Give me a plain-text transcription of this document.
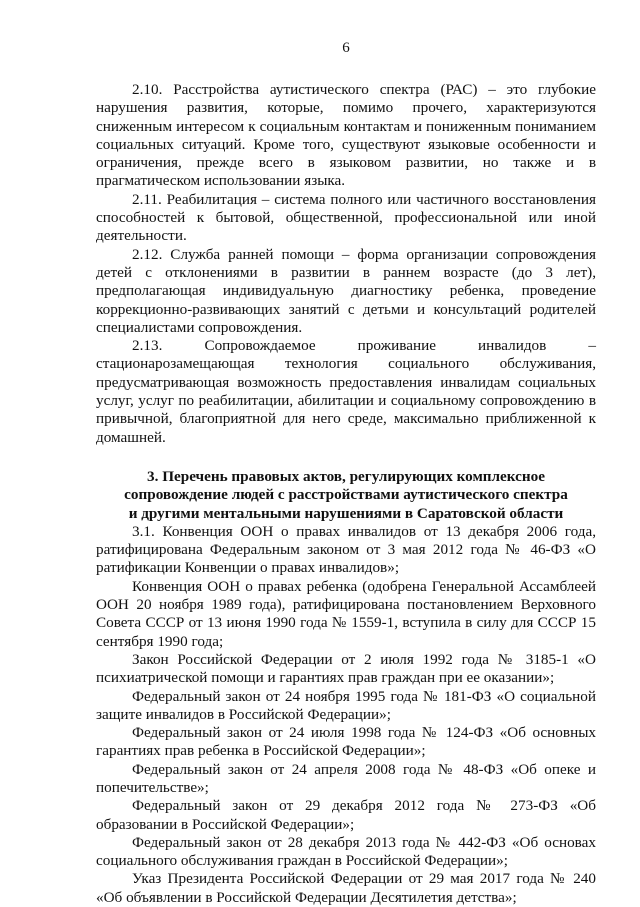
6

2.10. Расстройства аутистического спектра (РАС) – это глубокие нарушения развития, которые, помимо прочего, характеризуются сниженным интересом к социальным контактам и пониженным пониманием социальных ситуаций. Кроме того, существуют языковые особенности и ограничения, прежде всего в языковом развитии, но также и в прагматическом использовании языка.

2.11. Реабилитация – система полного или частичного восстановления способностей к бытовой, общественной, профессиональной или иной деятельности.

2.12. Служба ранней помощи – форма организации сопровождения детей с отклонениями в развитии в раннем возрасте (до 3 лет), предполагающая индивидуальную диагностику ребенка, проведение коррекционно-развивающих занятий с детьми и консультаций родителей специалистами сопровождения.

2.13. Сопровождаемое проживание инвалидов – стационарозамещающая технология социального обслуживания, предусматривающая возможность предоставления инвалидам социальных услуг, услуг по реабилитации, абилитации и социальному сопровождению в привычной, благоприятной для него среде, максимально приближенной к домашней.

3. Перечень правовых актов, регулирующих комплексное
сопровождение людей с расстройствами аутистического спектра
и другими ментальными нарушениями в Саратовской области

3.1. Конвенция ООН о правах инвалидов от 13 декабря 2006 года, ратифицирована Федеральным законом от 3 мая 2012 года № 46-ФЗ «О ратификации Конвенции о правах инвалидов»;

Конвенция ООН о правах ребенка (одобрена Генеральной Ассамблеей ООН 20 ноября 1989 года), ратифицирована постановлением Верховного Совета СССР от 13 июня 1990 года № 1559-1, вступила в силу для СССР 15 сентября 1990 года;

Закон Российской Федерации от 2 июля 1992 года № 3185-1 «О психиатрической помощи и гарантиях прав граждан при ее оказании»;

Федеральный закон от 24 ноября 1995 года № 181-ФЗ «О социальной защите инвалидов в Российской Федерации»;

Федеральный закон от 24 июля 1998 года № 124-ФЗ «Об основных гарантиях прав ребенка в Российской Федерации»;

Федеральный закон от 24 апреля 2008 года № 48-ФЗ «Об опеке и попечительстве»;

Федеральный закон от 29 декабря 2012 года № 273-ФЗ «Об образовании в Российской Федерации»;

Федеральный закон от 28 декабря 2013 года № 442-ФЗ «Об основах социального обслуживания граждан в Российской Федерации»;

Указ Президента Российской Федерации от 29 мая 2017 года № 240 «Об объявлении в Российской Федерации Десятилетия детства»;
